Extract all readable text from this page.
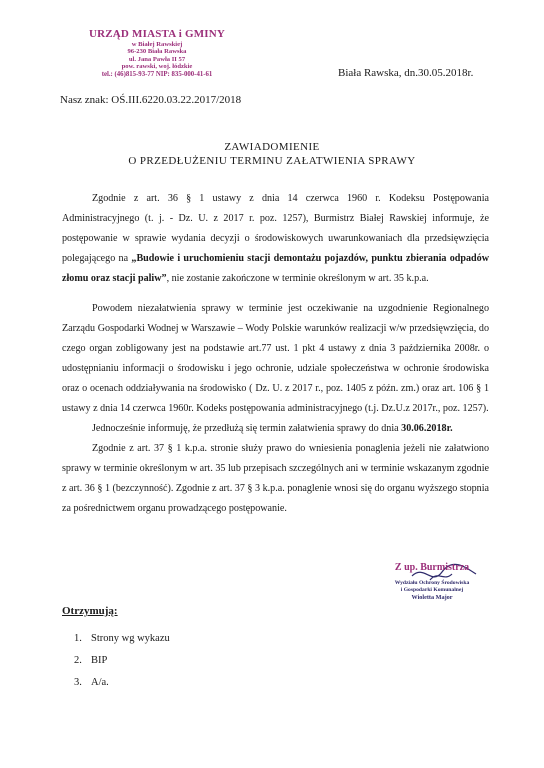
URZĄD MIASTA i GMINY
w Białej Rawskiej
96-230 Biała Rawska
ul. Jana Pawła II 57
pow. rawski, woj. łódzkie
tel.: (46)815-93-77 NIP: 835-000-41-61	Biała Rawska, dn.30.05.2018r.
Nasz znak: OŚ.III.6220.03.22.2017/2018
ZAWIADOMIENIE
O PRZEDŁUŻENIU TERMINU ZAŁATWIENIA SPRAWY

Zgodnie z art. 36 § 1 ustawy z dnia 14 czerwca 1960 r. Kodeksu Postępowania Administracyjnego (t. j. - Dz. U. z 2017 r. poz. 1257), Burmistrz Białej Rawskiej informuje, że postępowanie w sprawie wydania decyzji o środowiskowych uwarunkowaniach dla przedsięwzięcia polegającego na „Budowie i uruchomieniu stacji demontażu pojazdów, punktu zbierania odpadów złomu oraz stacji paliw”, nie zostanie zakończone w terminie określonym w art. 35 k.p.a.

Powodem niezałatwienia sprawy w terminie jest oczekiwanie na uzgodnienie Regionalnego Zarządu Gospodarki Wodnej w Warszawie – Wody Polskie warunków realizacji w/w przedsięwzięcia, do czego organ zobligowany jest na podstawie art.77 ust. 1 pkt 4 ustawy z dnia 3 października 2008r. o udostępnianiu informacji o środowisku i jego ochronie, udziale społeczeństwa w ochronie środowiska oraz o ocenach oddziaływania na środowisko ( Dz. U. z 2017 r., poz. 1405 z późn. zm.) oraz art. 106 § 1 ustawy z dnia 14 czerwca 1960r. Kodeks postępowania administracyjnego (t.j. Dz.U.z 2017r., poz. 1257).

Jednocześnie informuję, że przedłużą się termin załatwienia sprawy do dnia 30.06.2018r.

Zgodnie z art. 37 § 1 k.p.a. stronie służy prawo do wniesienia ponaglenia jeżeli nie załatwiono sprawy w terminie określonym w art. 35 lub przepisach szczególnych ani w terminie wskazanym zgodnie z art. 36 § 1 (bezczynność). Zgodnie z art. 37 § 3 k.p.a. ponaglenie wnosi się do organu wyższego stopnia za pośrednictwem organu prowadzącego postępowanie.

Z up. Burmistrza
Wydziału Ochrony Środowiska
i Gospodarki Komunalnej
Wioletta Major
Otrzymują:
1. Strony wg wykazu
2. BIP
3. A/a.
